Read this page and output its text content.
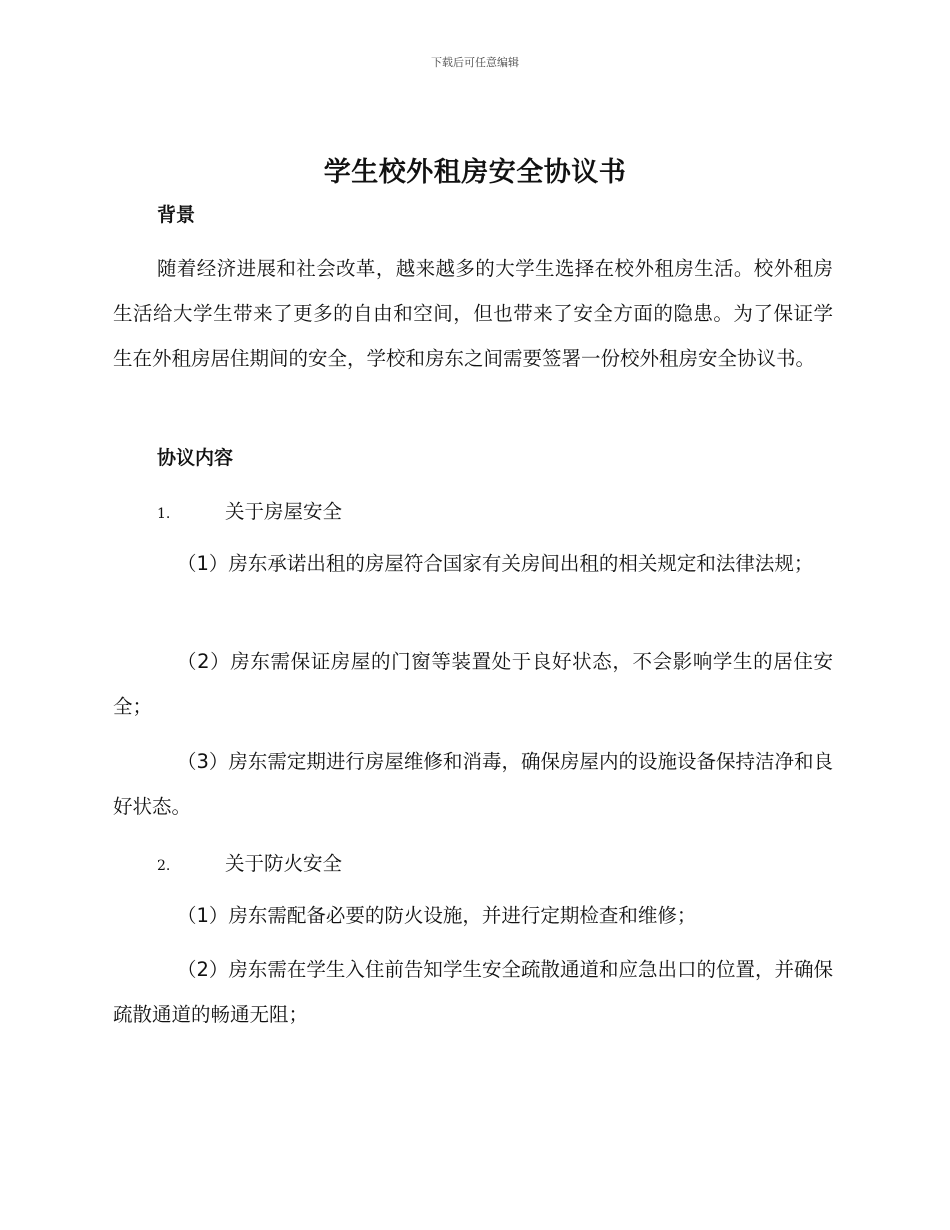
下载后可任意编辑
学生校外租房安全协议书
背景
随着经济进展和社会改革，越来越多的大学生选择在校外租房生活。校外租房生活给大学生带来了更多的自由和空间，但也带来了安全方面的隐患。为了保证学生在外租房居住期间的安全，学校和房东之间需要签署一份校外租房安全协议书。
协议内容
1.	关于房屋安全
（1）房东承诺出租的房屋符合国家有关房间出租的相关规定和法律法规；
（2）房东需保证房屋的门窗等装置处于良好状态，不会影响学生的居住安全；
（3）房东需定期进行房屋维修和消毒，确保房屋内的设施设备保持洁净和良好状态。
2.	关于防火安全
（1）房东需配备必要的防火设施，并进行定期检查和维修；
（2）房东需在学生入住前告知学生安全疏散通道和应急出口的位置，并确保疏散通道的畅通无阻；
